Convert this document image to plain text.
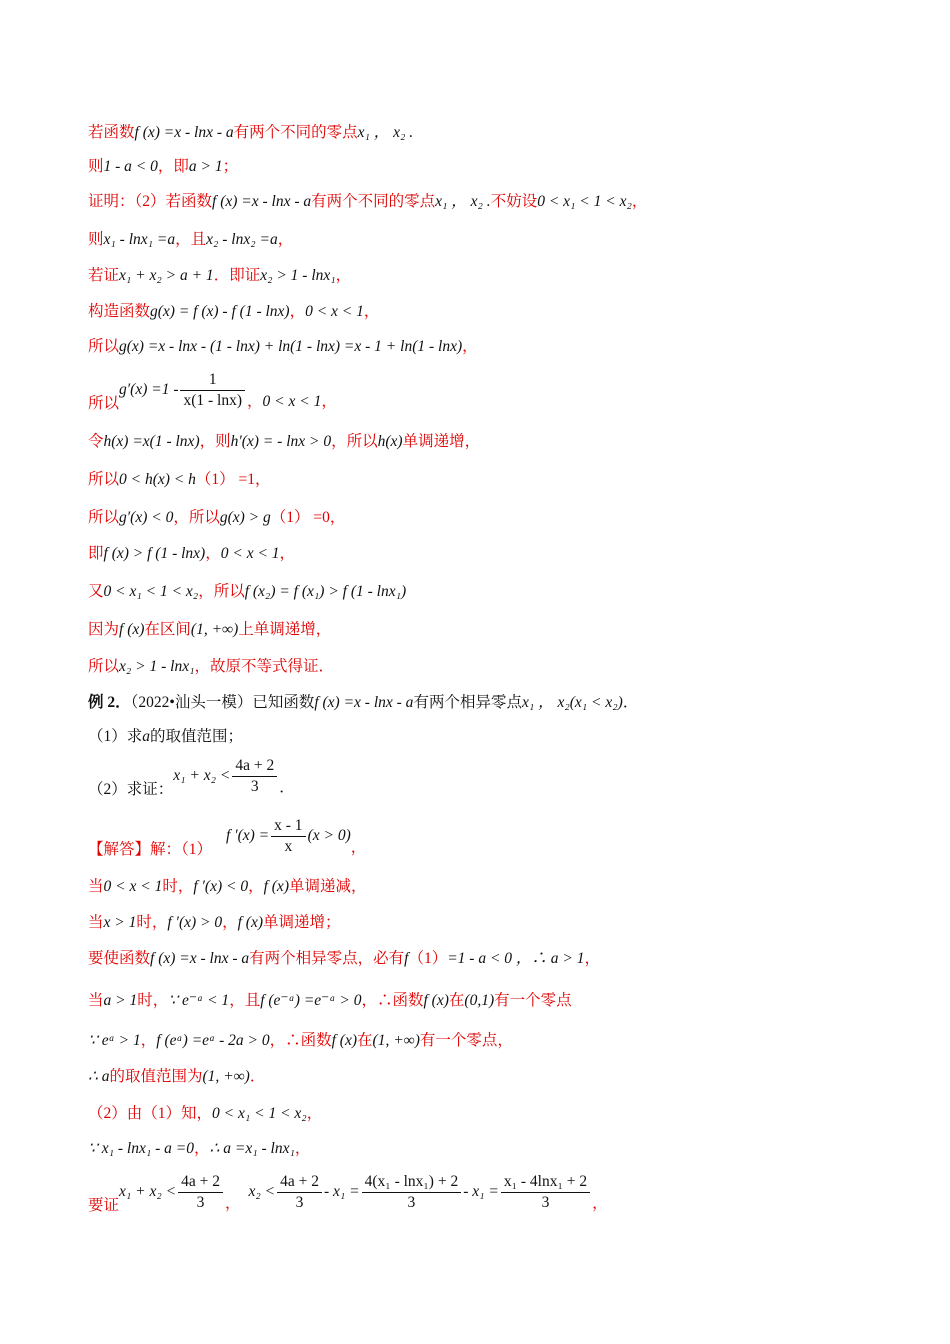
若函数f (x) =x - lnx - a有两个不同的零点x₁ ， x₂ .
则1 - a < 0，即a > 1；
证明：（2）若函数f (x) =x - lnx - a有两个不同的零点x₁ ， x₂ .不妨设0 < x₁ < 1 < x₂，
则x₁ - lnx₁ =a，且x₂ - lnx₂ =a，
若证x₁ + x₂ > a + 1．即证x₂ > 1 - lnx₁，
构造函数g(x) = f (x) - f (1 - lnx)，0 < x < 1，
所以g(x) =x - lnx - (1 - lnx) + ln(1 - lnx) =x - 1 + ln(1 - lnx)，
所以$g'(x) =1 - \frac{1}{x(1 - \ln x)}$ ，0 < x < 1，
令h(x) =x(1 - lnx)，则h′(x) = - lnx > 0，所以h(x)单调递增，
所以0 < h(x) < h（1） =1，
所以g′(x) < 0，所以g(x) > g（1） =0，
即f (x) > f (1 - lnx)，0 < x < 1，
又0 < x₁ < 1 < x₂，所以f (x₂) = f (x₁) > f (1 - lnx₁)
因为f (x)在区间(1, +∞)上单调递增，
所以x₂ > 1 - lnx₁，故原不等式得证．
例 2．（2022•汕头一模）已知函数f (x) =x - lnx - a有两个相异零点x₁ ， x₂(x₁ < x₂)．
（1）求a的取值范围；
（2）求证：$x_1 + x_2 < \frac{4a + 2}{3}$ ．
【解答】解：（1）f $'(x) = \frac{x - 1}{x} (x > 0)$，
当0 < x < 1时，f ′(x) < 0，f (x)单调递减，
当x > 1时，f ′(x) > 0，f (x)单调递增；
要使函数f (x) =x - lnx - a有两个相异零点，必有f（1）=1 - a < 0 ，∴ a > 1，
当a > 1时，∵ e⁻ᵃ < 1，且f (e⁻ᵃ) =e⁻ᵃ > 0，∴函数f (x)在(0,1)有一个零点
∵ eᵃ > 1，f (eᵃ) =eᵃ - 2a > 0，∴函数f (x)在(1, +∞)有一个零点，
∴ a的取值范围为(1, +∞)．
（2）由（1）知，0 < x₁ < 1 < x₂，
∵ x₁ - lnx₁ - a =0，∴ a =x₁ - lnx₁，
要证$x_1 + x_2 < \frac{4a + 2}{3}$ ，$x_2 < \frac{4a + 2}{3} - x_1 = \frac{\text{4(x₁ - lnx₁) + 2}}{3} - x_1 = \frac{\text{x₁ - 4lnx₁ + 2}}{3}$ ，
